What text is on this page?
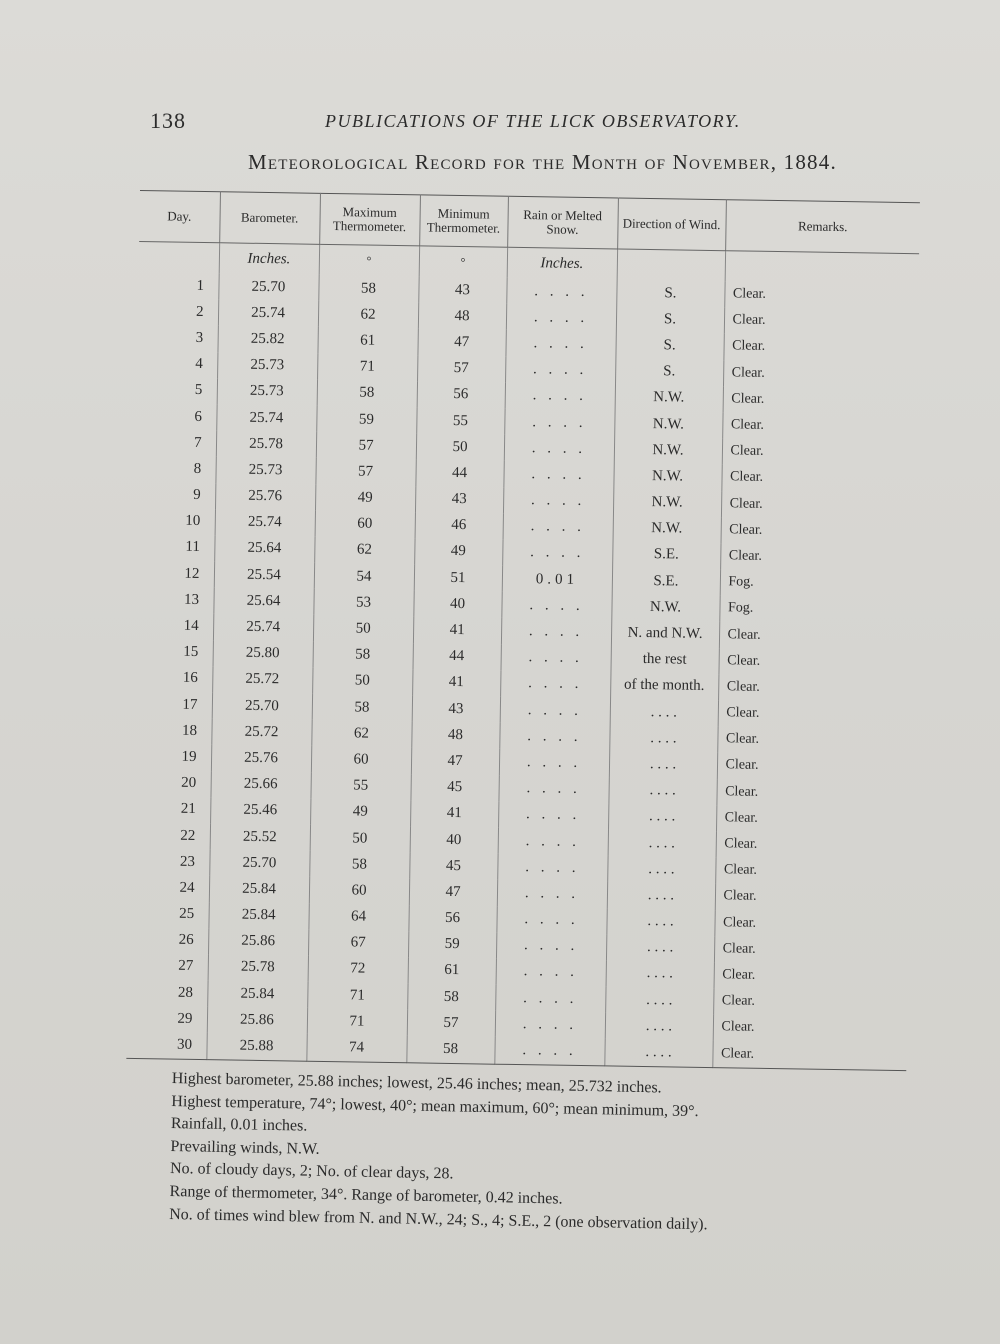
138	PUBLICATIONS OF THE LICK OBSERVATORY.
Meteorological Record for the Month of November, 1884.
Day.	Barometer.	Maximum Thermometer.	Minimum Thermometer.	Rain or Melted Snow.	Direction of Wind.	Remarks.
	Inches.	°	°	Inches.		
1	25.70	58	43	. . . .	S.	Clear.
2	25.74	62	48	. . . .	S.	Clear.
3	25.82	61	47	. . . .	S.	Clear.
4	25.73	71	57	. . . .	S.	Clear.
5	25.73	58	56	. . . .	N.W.	Clear.
6	25.74	59	55	. . . .	N.W.	Clear.
7	25.78	57	50	. . . .	N.W.	Clear.
8	25.73	57	44	. . . .	N.W.	Clear.
9	25.76	49	43	. . . .	N.W.	Clear.
10	25.74	60	46	. . . .	N.W.	Clear.
11	25.64	62	49	. . . .	S.E.	Clear.
12	25.54	54	51	0.01	S.E.	Fog.
13	25.64	53	40	. . . .	N.W.	Fog.
14	25.74	50	41	. . . .	N. and N.W.	Clear.
15	25.80	58	44	. . . .	the rest	Clear.
16	25.72	50	41	. . . .	of the month.	Clear.
17	25.70	58	43	. . . .	. . . .	Clear.
18	25.72	62	48	. . . .	. . . .	Clear.
19	25.76	60	47	. . . .	. . . .	Clear.
20	25.66	55	45	. . . .	. . . .	Clear.
21	25.46	49	41	. . . .	. . . .	Clear.
22	25.52	50	40	. . . .	. . . .	Clear.
23	25.70	58	45	. . . .	. . . .	Clear.
24	25.84	60	47	. . . .	. . . .	Clear.
25	25.84	64	56	. . . .	. . . .	Clear.
26	25.86	67	59	. . . .	. . . .	Clear.
27	25.78	72	61	. . . .	. . . .	Clear.
28	25.84	71	58	. . . .	. . . .	Clear.
29	25.86	71	57	. . . .	. . . .	Clear.
30	25.88	74	58	. . . .	. . . .	Clear.
Highest barometer, 25.88 inches; lowest, 25.46 inches; mean, 25.732 inches.
Highest temperature, 74°; lowest, 40°; mean maximum, 60°; mean minimum, 39°.
Rainfall, 0.01 inches.
Prevailing winds, N.W.
No. of cloudy days, 2; No. of clear days, 28.
Range of thermometer, 34°. Range of barometer, 0.42 inches.
No. of times wind blew from N. and N.W., 24; S., 4; S.E., 2 (one observation daily).
